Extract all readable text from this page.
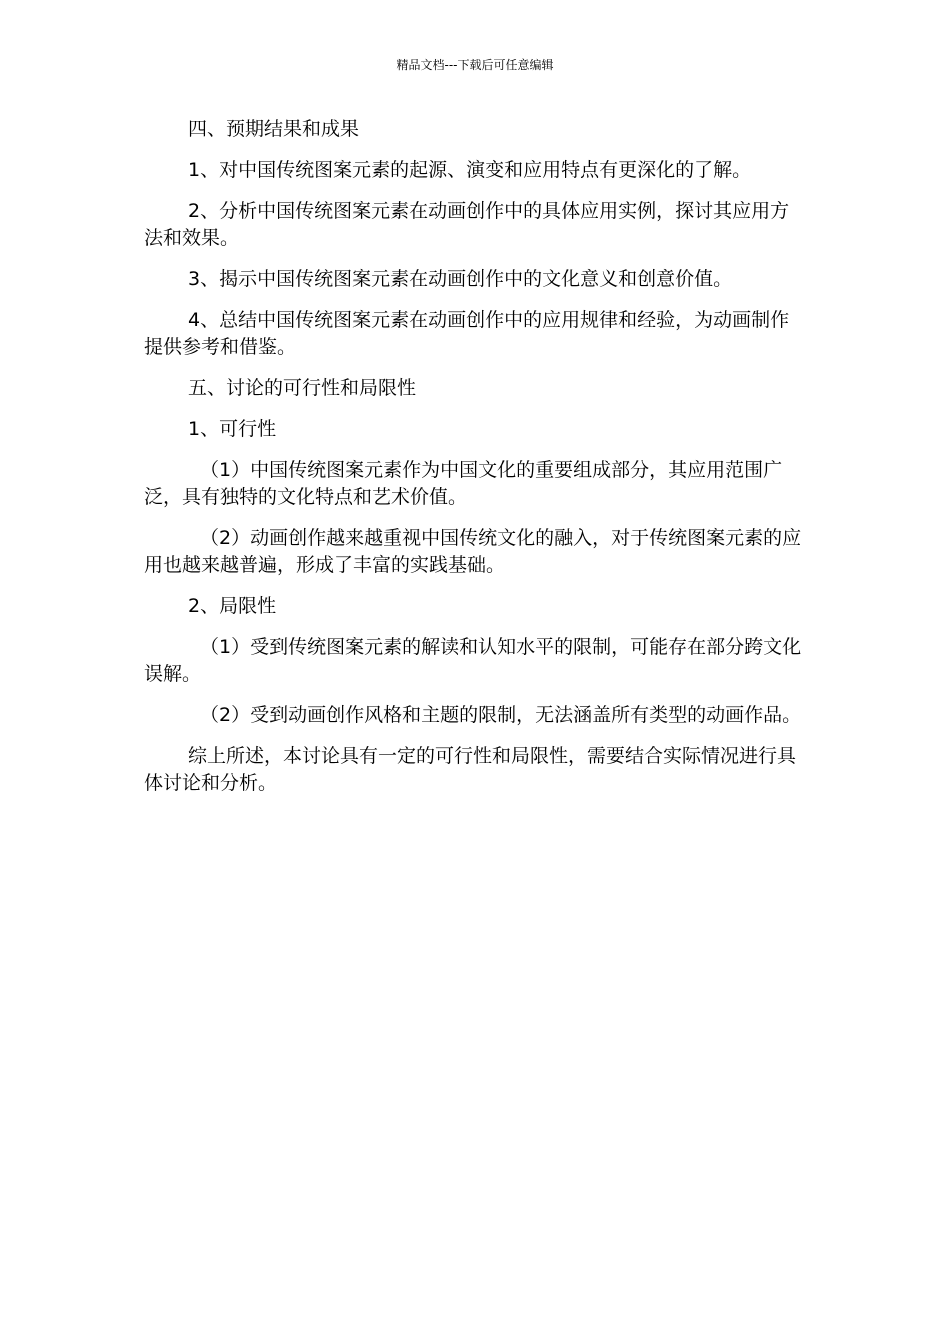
精品文档---下载后可任意编辑

四、预期结果和成果

1、对中国传统图案元素的起源、演变和应用特点有更深化的了解。

2、分析中国传统图案元素在动画创作中的具体应用实例，探讨其应用方法和效果。

3、揭示中国传统图案元素在动画创作中的文化意义和创意价值。

4、总结中国传统图案元素在动画创作中的应用规律和经验，为动画制作提供参考和借鉴。

五、讨论的可行性和局限性

1、可行性

（1）中国传统图案元素作为中国文化的重要组成部分，其应用范围广泛，具有独特的文化特点和艺术价值。

（2）动画创作越来越重视中国传统文化的融入，对于传统图案元素的应用也越来越普遍，形成了丰富的实践基础。

2、局限性

（1）受到传统图案元素的解读和认知水平的限制，可能存在部分跨文化误解。

（2）受到动画创作风格和主题的限制，无法涵盖所有类型的动画作品。

综上所述，本讨论具有一定的可行性和局限性，需要结合实际情况进行具体讨论和分析。
